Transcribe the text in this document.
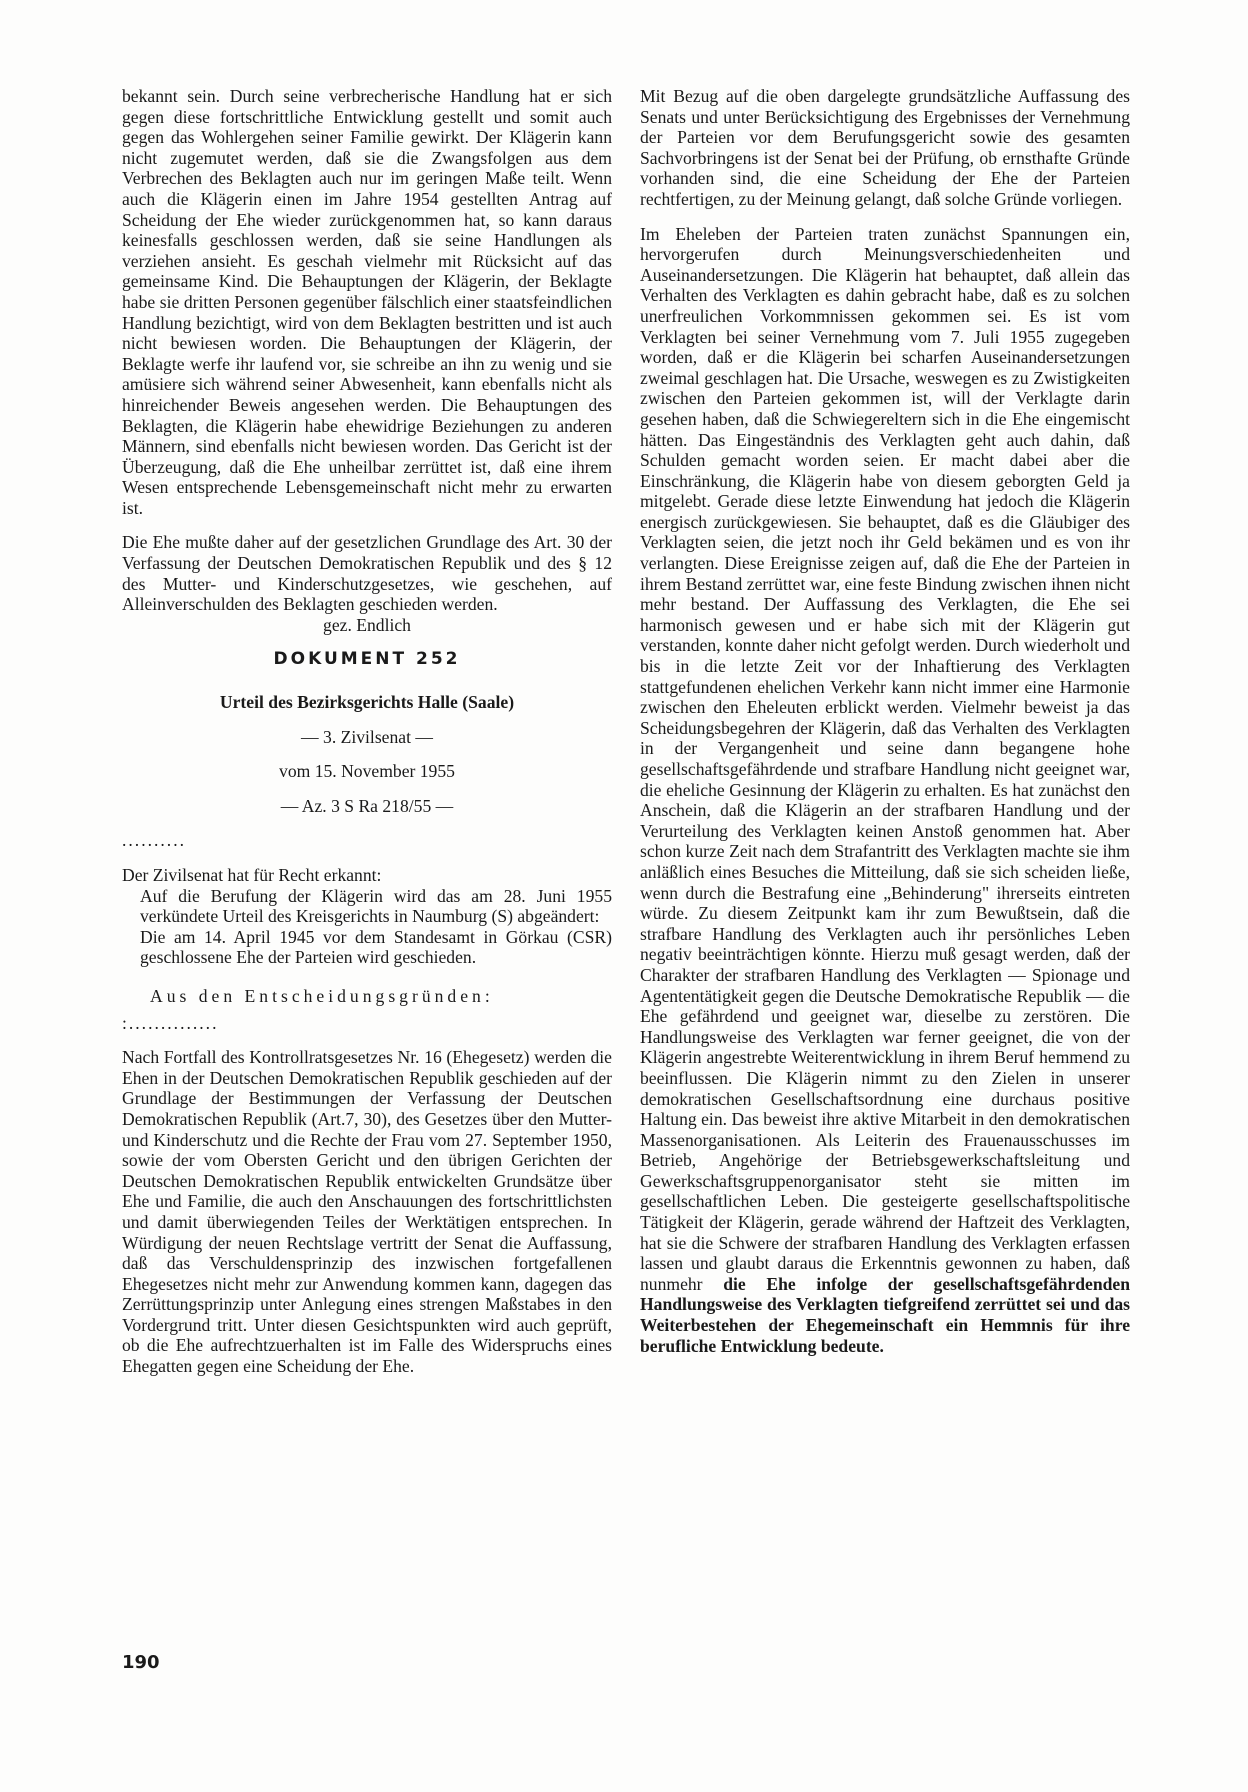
bekannt sein. Durch seine verbrecherische Handlung hat er sich gegen diese fortschrittliche Entwicklung gestellt und somit auch gegen das Wohlergehen seiner Familie gewirkt. Der Klägerin kann nicht zugemutet werden, daß sie die Zwangsfolgen aus dem Verbrechen des Beklagten auch nur im geringen Maße teilt. Wenn auch die Klägerin einen im Jahre 1954 gestellten Antrag auf Scheidung der Ehe wieder zurückgenommen hat, so kann daraus keinesfalls geschlossen werden, daß sie seine Handlungen als verziehen ansieht. Es geschah vielmehr mit Rücksicht auf das gemeinsame Kind. Die Behauptungen der Klägerin, der Beklagte habe sie dritten Personen gegenüber fälschlich einer staatsfeindlichen Handlung bezichtigt, wird von dem Beklagten bestritten und ist auch nicht bewiesen worden. Die Behauptungen der Klägerin, der Beklagte werfe ihr laufend vor, sie schreibe an ihn zu wenig und sie amüsiere sich während seiner Abwesenheit, kann ebenfalls nicht als hinreichender Beweis angesehen werden. Die Behauptungen des Beklagten, die Klägerin habe ehewidrige Beziehungen zu anderen Männern, sind ebenfalls nicht bewiesen worden. Das Gericht ist der Überzeugung, daß die Ehe unheilbar zerrüttet ist, daß eine ihrem Wesen entsprechende Lebensgemeinschaft nicht mehr zu erwarten ist.

Die Ehe mußte daher auf der gesetzlichen Grundlage des Art. 30 der Verfassung der Deutschen Demokratischen Republik und des § 12 des Mutter- und Kinderschutzgesetzes, wie geschehen, auf Alleinverschulden des Beklagten geschieden werden.

gez. Endlich

DOKUMENT 252

Urteil des Bezirksgerichts Halle (Saale)

— 3. Zivilsenat —

vom 15. November 1955

— Az. 3 S Ra 218/55 —

..........

Der Zivilsenat hat für Recht erkannt:

Auf die Berufung der Klägerin wird das am 28. Juni 1955 verkündete Urteil des Kreisgerichts in Naumburg (S) abgeändert:

Die am 14. April 1945 vor dem Standesamt in Görkau (CSR) geschlossene Ehe der Parteien wird geschieden.

Aus den Entscheidungsgründen:

:..............

Nach Fortfall des Kontrollratsgesetzes Nr. 16 (Ehegesetz) werden die Ehen in der Deutschen Demokratischen Republik geschieden auf der Grundlage der Bestimmungen der Verfassung der Deutschen Demokratischen Republik (Art.7, 30), des Gesetzes über den Mutter- und Kinderschutz und die Rechte der Frau vom 27. September 1950, sowie der vom Obersten Gericht und den übrigen Gerichten der Deutschen Demokratischen Republik entwickelten Grundsätze über Ehe und Familie, die auch den Anschauungen des fortschrittlichsten und damit überwiegenden Teiles der Werktätigen entsprechen. In Würdigung der neuen Rechtslage vertritt der Senat die Auffassung, daß das Verschuldensprinzip des inzwischen fortgefallenen Ehegesetzes nicht mehr zur Anwendung kommen kann, dagegen das Zerrüttungsprinzip unter Anlegung eines strengen Maßstabes in den Vordergrund tritt. Unter diesen Gesichtspunkten wird auch geprüft, ob die Ehe aufrechtzuerhalten ist im Falle des Widerspruchs eines Ehegatten gegen eine Scheidung der Ehe.

Mit Bezug auf die oben dargelegte grundsätzliche Auffassung des Senats und unter Berücksichtigung des Ergebnisses der Vernehmung der Parteien vor dem Berufungsgericht sowie des gesamten Sachvorbringens ist der Senat bei der Prüfung, ob ernsthafte Gründe vorhanden sind, die eine Scheidung der Ehe der Parteien rechtfertigen, zu der Meinung gelangt, daß solche Gründe vorliegen.

Im Eheleben der Parteien traten zunächst Spannungen ein, hervorgerufen durch Meinungsverschiedenheiten und Auseinandersetzungen. Die Klägerin hat behauptet, daß allein das Verhalten des Verklagten es dahin gebracht habe, daß es zu solchen unerfreulichen Vorkommnissen gekommen sei. Es ist vom Verklagten bei seiner Vernehmung vom 7. Juli 1955 zugegeben worden, daß er die Klägerin bei scharfen Auseinandersetzungen zweimal geschlagen hat. Die Ursache, weswegen es zu Zwistigkeiten zwischen den Parteien gekommen ist, will der Verklagte darin gesehen haben, daß die Schwiegereltern sich in die Ehe eingemischt hätten. Das Eingeständnis des Verklagten geht auch dahin, daß Schulden gemacht worden seien. Er macht dabei aber die Einschränkung, die Klägerin habe von diesem geborgten Geld ja mitgelebt. Gerade diese letzte Einwendung hat jedoch die Klägerin energisch zurückgewiesen. Sie behauptet, daß es die Gläubiger des Verklagten seien, die jetzt noch ihr Geld bekämen und es von ihr verlangten. Diese Ereignisse zeigen auf, daß die Ehe der Parteien in ihrem Bestand zerrüttet war, eine feste Bindung zwischen ihnen nicht mehr bestand. Der Auffassung des Verklagten, die Ehe sei harmonisch gewesen und er habe sich mit der Klägerin gut verstanden, konnte daher nicht gefolgt werden. Durch wiederholt und bis in die letzte Zeit vor der Inhaftierung des Verklagten stattgefundenen ehelichen Verkehr kann nicht immer eine Harmonie zwischen den Eheleuten erblickt werden. Vielmehr beweist ja das Scheidungsbegehren der Klägerin, daß das Verhalten des Verklagten in der Vergangenheit und seine dann begangene hohe gesellschaftsgefährdende und strafbare Handlung nicht geeignet war, die eheliche Gesinnung der Klägerin zu erhalten. Es hat zunächst den Anschein, daß die Klägerin an der strafbaren Handlung und der Verurteilung des Verklagten keinen Anstoß genommen hat. Aber schon kurze Zeit nach dem Strafantritt des Verklagten machte sie ihm anläßlich eines Besuches die Mitteilung, daß sie sich scheiden ließe, wenn durch die Bestrafung eine „Behinderung" ihrerseits eintreten würde. Zu diesem Zeitpunkt kam ihr zum Bewußtsein, daß die strafbare Handlung des Verklagten auch ihr persönliches Leben negativ beeinträchtigen könnte. Hierzu muß gesagt werden, daß der Charakter der strafbaren Handlung des Verklagten — Spionage und Agententätigkeit gegen die Deutsche Demokratische Republik — die Ehe gefährdend und geeignet war, dieselbe zu zerstören. Die Handlungsweise des Verklagten war ferner geeignet, die von der Klägerin angestrebte Weiterentwicklung in ihrem Beruf hemmend zu beeinflussen. Die Klägerin nimmt zu den Zielen in unserer demokratischen Gesellschaftsordnung eine durchaus positive Haltung ein. Das beweist ihre aktive Mitarbeit in den demokratischen Massenorganisationen. Als Leiterin des Frauenausschusses im Betrieb, Angehörige der Betriebsgewerkschaftsleitung und Gewerkschaftsgruppenorganisator steht sie mitten im gesellschaftlichen Leben. Die gesteigerte gesellschaftspolitische Tätigkeit der Klägerin, gerade während der Haftzeit des Verklagten, hat sie die Schwere der strafbaren Handlung des Verklagten erfassen lassen und glaubt daraus die Erkenntnis gewonnen zu haben, daß nunmehr die Ehe infolge der gesellschaftsgefährdenden Handlungsweise des Verklagten tiefgreifend zerrüttet sei und das Weiterbestehen der Ehegemeinschaft ein Hemmnis für ihre berufliche Entwicklung bedeute.

190
